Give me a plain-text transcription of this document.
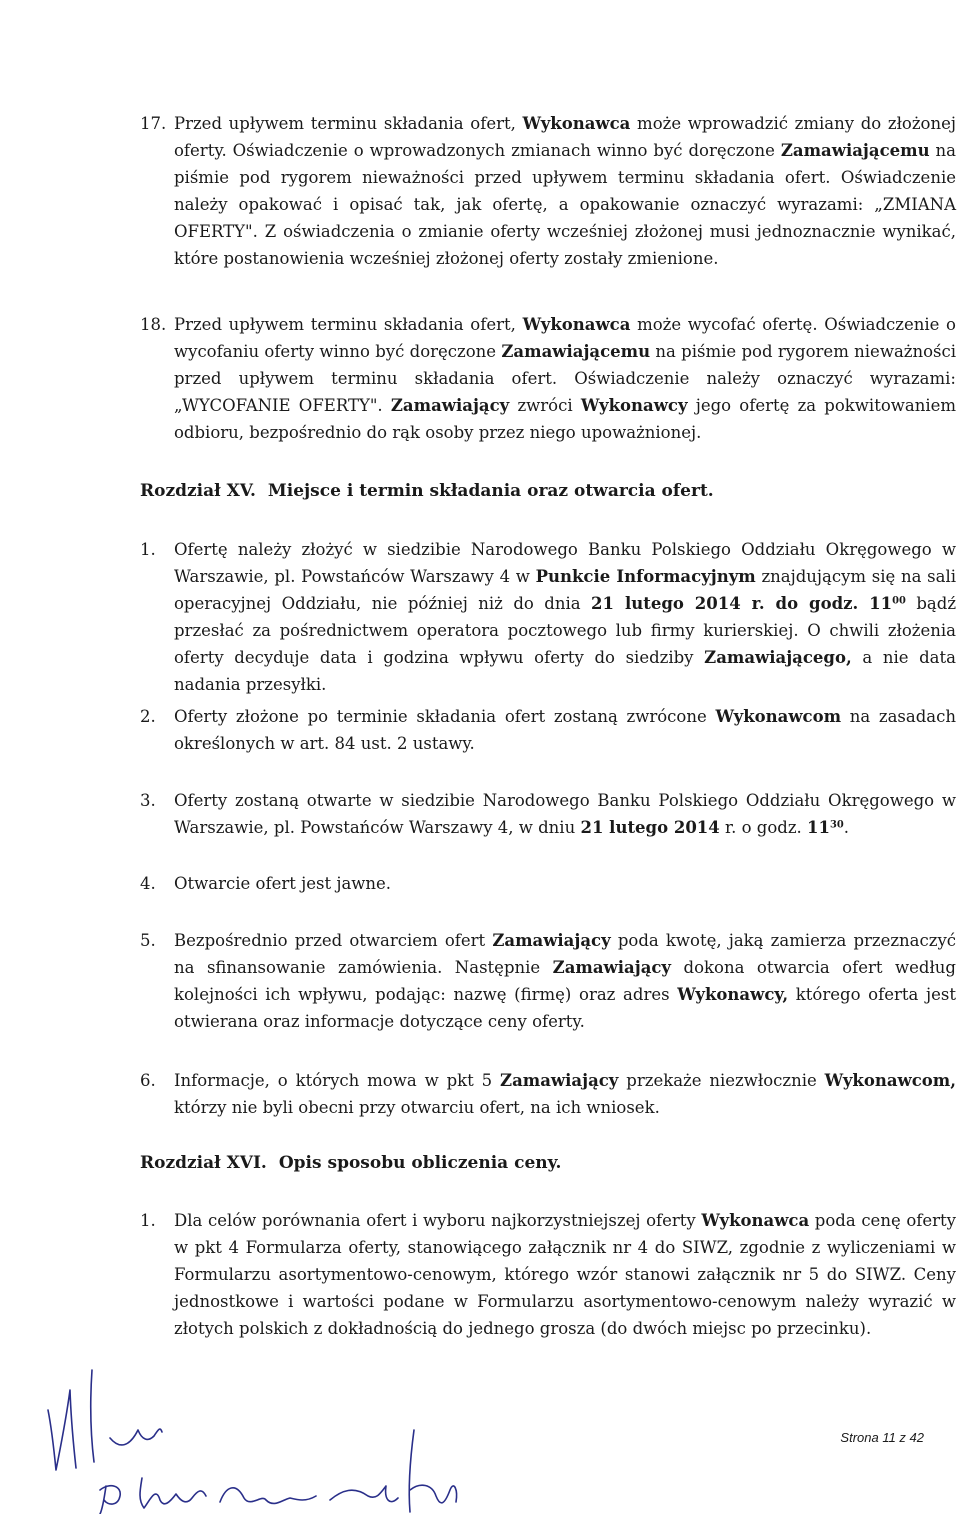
17. Przed upływem terminu składania ofert, Wykonawca może wprowadzić zmiany do złożonej oferty. Oświadczenie o wprowadzonych zmianach winno być doręczone Zamawiającemu na piśmie pod rygorem nieważności przed upływem terminu składania ofert. Oświadczenie należy opakować i opisać tak, jak ofertę, a opakowanie oznaczyć wyrazami: „ZMIANA OFERTY". Z oświadczenia o zmianie oferty wcześniej złożonej musi jednoznacznie wynikać, które postanowienia wcześniej złożonej oferty zostały zmienione.
18. Przed upływem terminu składania ofert, Wykonawca może wycofać ofertę. Oświadczenie o wycofaniu oferty winno być doręczone Zamawiającemu na piśmie pod rygorem nieważności przed upływem terminu składania ofert. Oświadczenie należy oznaczyć wyrazami: „WYCOFANIE OFERTY". Zamawiający zwróci Wykonawcy jego ofertę za pokwitowaniem odbioru, bezpośrednio do rąk osoby przez niego upoważnionej.
Rozdział XV. Miejsce i termin składania oraz otwarcia ofert.
1.	Ofertę należy złożyć w siedzibie Narodowego Banku Polskiego Oddziału Okręgowego w Warszawie, pl. Powstańców Warszawy 4 w Punkcie Informacyjnym znajdującym się na sali operacyjnej Oddziału, nie później niż do dnia 21 lutego 2014 r. do godz. $11^{00}$ bądź przesłać za pośrednictwem operatora pocztowego lub firmy kurierskiej. O chwili złożenia oferty decyduje data i godzina wpływu oferty do siedziby Zamawiającego, a nie data nadania przesyłki.
2.	Oferty złożone po terminie składania ofert zostaną zwrócone Wykonawcom na zasadach określonych w art. 84 ust. 2 ustawy.
3.	Oferty zostaną otwarte w siedzibie Narodowego Banku Polskiego Oddziału Okręgowego w Warszawie, pl. Powstańców Warszawy 4, w dniu 21 lutego 2014 r. o godz. $11^{30}$.
4.	Otwarcie ofert jest jawne.
5.	Bezpośrednio przed otwarciem ofert Zamawiający poda kwotę, jaką zamierza przeznaczyć na sfinansowanie zamówienia. Następnie Zamawiający dokona otwarcia ofert według kolejności ich wpływu, podając: nazwę (firmę) oraz adres Wykonawcy, którego oferta jest otwierana oraz informacje dotyczące ceny oferty.
6.	Informacje, o których mowa w pkt 5 Zamawiający przekaże niezwłocznie Wykonawcom, którzy nie byli obecni przy otwarciu ofert, na ich wniosek.
Rozdział XVI. Opis sposobu obliczenia ceny.
1.	Dla celów porównania ofert i wyboru najkorzystniejszej oferty Wykonawca poda cenę oferty w pkt 4 Formularza oferty, stanowiącego załącznik nr 4 do SIWZ, zgodnie z wyliczeniami w Formularzu asortymentowo-cenowym, którego wzór stanowi załącznik nr 5 do SIWZ. Ceny jednostkowe i wartości podane w Formularzu asortymentowo-cenowym należy wyrazić w złotych polskich z dokładnością do jednego grosza (do dwóch miejsc po przecinku).
Strona 11 z 42
